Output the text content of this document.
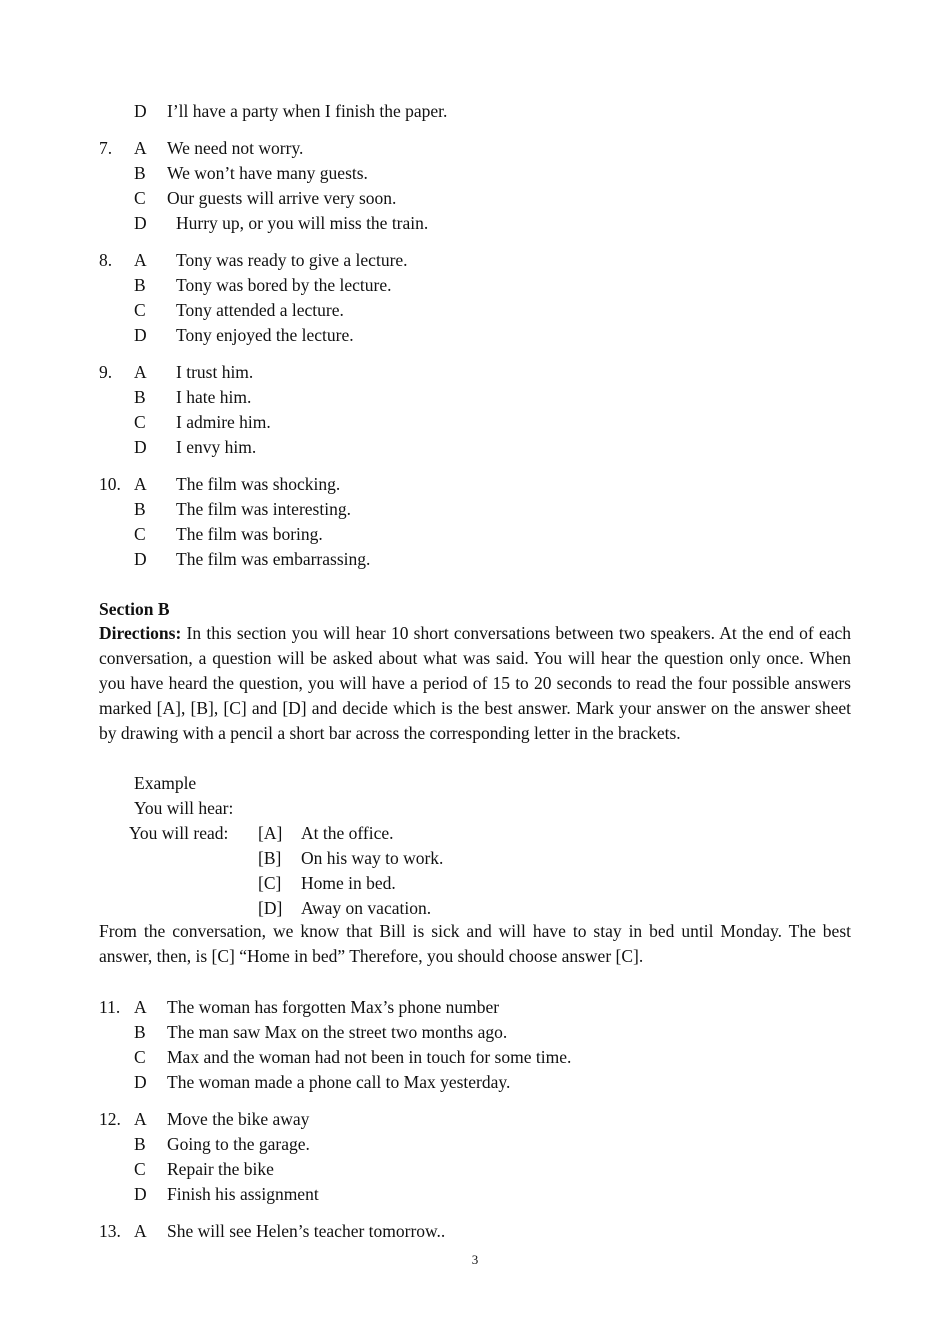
D I’ll have a party when I finish the paper.
7. A We need not worry.
B We won’t have many guests.
C Our guests will arrive very soon.
D Hurry up, or you will miss the train.
8. A Tony was ready to give a lecture.
B Tony was bored by the lecture.
C Tony attended a lecture.
D Tony enjoyed the lecture.
9. A I trust him.
B I hate him.
C I admire him.
D I envy him.
10. A The film was shocking.
B The film was interesting.
C The film was boring.
D The film was embarrassing.
Section B
Directions: In this section you will hear 10 short conversations between two speakers. At the end of each conversation, a question will be asked about what was said. You will hear the question only once. When you have heard the question, you will have a period of 15 to 20 seconds to read the four possible answers marked [A], [B], [C] and [D] and decide which is the best answer. Mark your answer on the answer sheet by drawing with a pencil a short bar across the corresponding letter in the brackets.
Example
You will hear:
You will read: [A] At the office.
[B] On his way to work.
[C] Home in bed.
[D] Away on vacation.
From the conversation, we know that Bill is sick and will have to stay in bed until Monday. The best answer, then, is [C] “Home in bed” Therefore, you should choose answer [C].
11. A The woman has forgotten Max’s phone number
B The man saw Max on the street two months ago.
C Max and the woman had not been in touch for some time.
D The woman made a phone call to Max yesterday.
12. A Move the bike away
B Going to the garage.
C Repair the bike
D Finish his assignment
13. A She will see Helen’s teacher tomorrow..
3
